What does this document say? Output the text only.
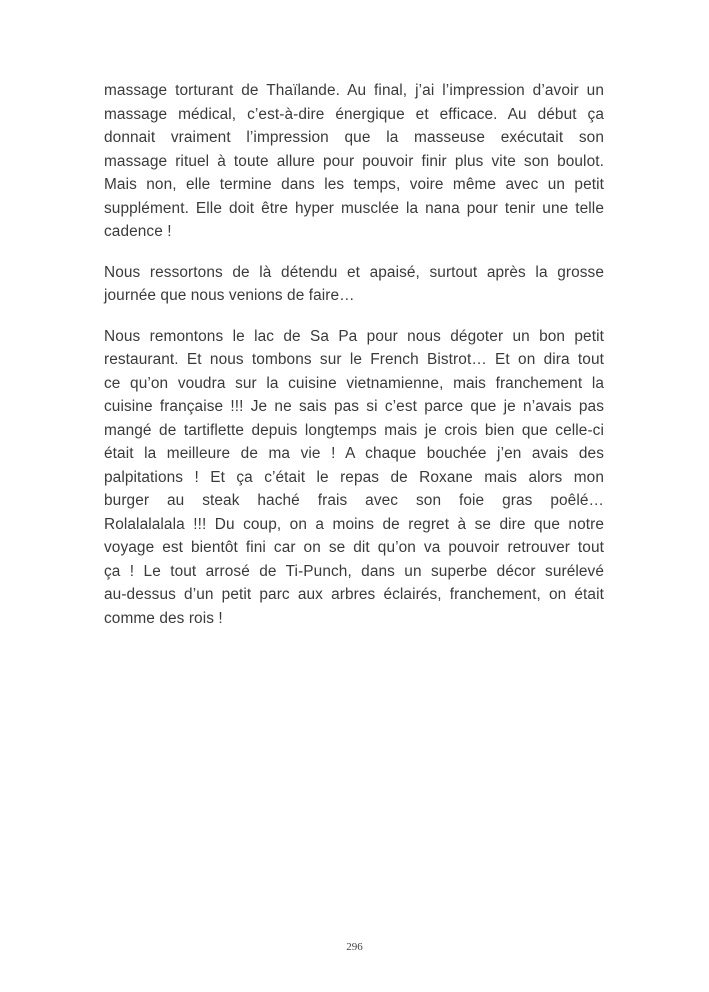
massage torturant de Thaïlande. Au final, j’ai l’impression d’avoir un
massage médical, c’est-à-dire énergique et efficace. Au début ça
donnait vraiment l’impression que la masseuse exécutait son
massage rituel à toute allure pour pouvoir finir plus vite son boulot.
Mais non, elle termine dans les temps, voire même avec un petit
supplément. Elle doit être hyper musclée la nana pour tenir une telle
cadence !

Nous ressortons de là détendu et apaisé, surtout après la grosse
journée que nous venions de faire…

Nous remontons le lac de Sa Pa pour nous dégoter un bon petit
restaurant. Et nous tombons sur le French Bistrot… Et on dira tout
ce qu’on voudra sur la cuisine vietnamienne, mais franchement la
cuisine française !!! Je ne sais pas si c’est parce que je n’avais pas
mangé de tartiflette depuis longtemps mais je crois bien que celle-ci
était la meilleure de ma vie ! A chaque bouchée j’en avais des
palpitations ! Et ça c’était le repas de Roxane mais alors mon
burger au steak haché frais avec son foie gras poêlé…
Rolalalalala !!! Du coup, on a moins de regret à se dire que notre
voyage est bientôt fini car on se dit qu’on va pouvoir retrouver tout
ça ! Le tout arrosé de Ti-Punch, dans un superbe décor surélevé
au-dessus d’un petit parc aux arbres éclairés, franchement, on était
comme des rois !

296
